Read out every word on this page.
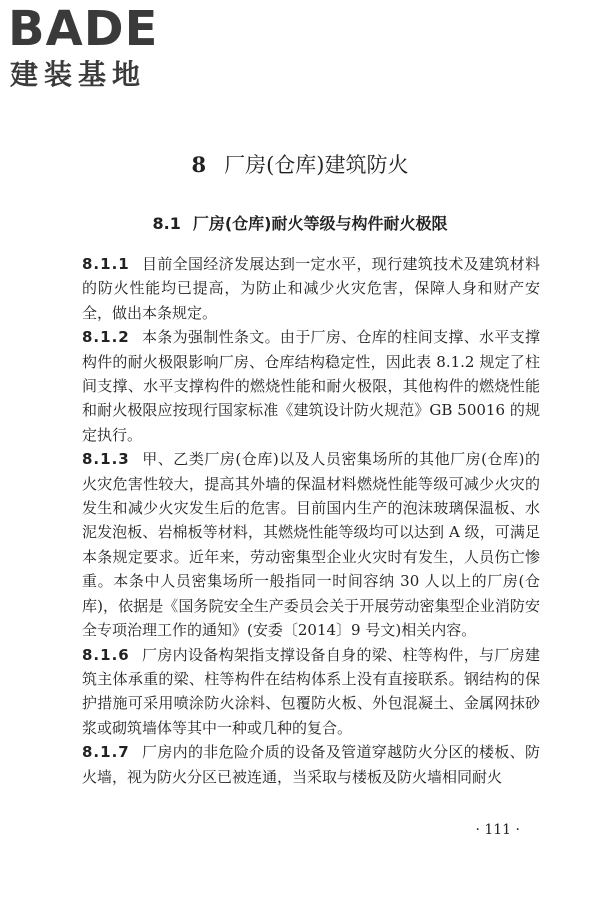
BADE
建装基地
8 厂房(仓库)建筑防火
8.1 厂房(仓库)耐火等级与构件耐火极限

8.1.1 目前全国经济发展达到一定水平，现行建筑技术及建筑材料的防火性能均已提高，为防止和减少火灾危害，保障人身和财产安全，做出本条规定。

8.1.2 本条为强制性条文。由于厂房、仓库的柱间支撑、水平支撑构件的耐火极限影响厂房、仓库结构稳定性，因此表 8.1.2 规定了柱间支撑、水平支撑构件的燃烧性能和耐火极限，其他构件的燃烧性能和耐火极限应按现行国家标准《建筑设计防火规范》GB 50016 的规定执行。

8.1.3 甲、乙类厂房(仓库)以及人员密集场所的其他厂房(仓库)的火灾危害性较大，提高其外墙的保温材料燃烧性能等级可减少火灾的发生和减少火灾发生后的危害。目前国内生产的泡沫玻璃保温板、水泥发泡板、岩棉板等材料，其燃烧性能等级均可以达到 A 级，可满足本条规定要求。近年来，劳动密集型企业火灾时有发生，人员伤亡惨重。本条中人员密集场所一般指同一时间容纳 30 人以上的厂房(仓库)，依据是《国务院安全生产委员会关于开展劳动密集型企业消防安全专项治理工作的通知》(安委〔2014〕9 号文)相关内容。

8.1.6 厂房内设备构架指支撑设备自身的梁、柱等构件，与厂房建筑主体承重的梁、柱等构件在结构体系上没有直接联系。钢结构的保护措施可采用喷涂防火涂料、包覆防火板、外包混凝土、金属网抹砂浆或砌筑墙体等其中一种或几种的复合。

8.1.7 厂房内的非危险介质的设备及管道穿越防火分区的楼板、防火墙，视为防火分区已被连通，当采取与楼板及防火墙相同耐火

· 111 ·
